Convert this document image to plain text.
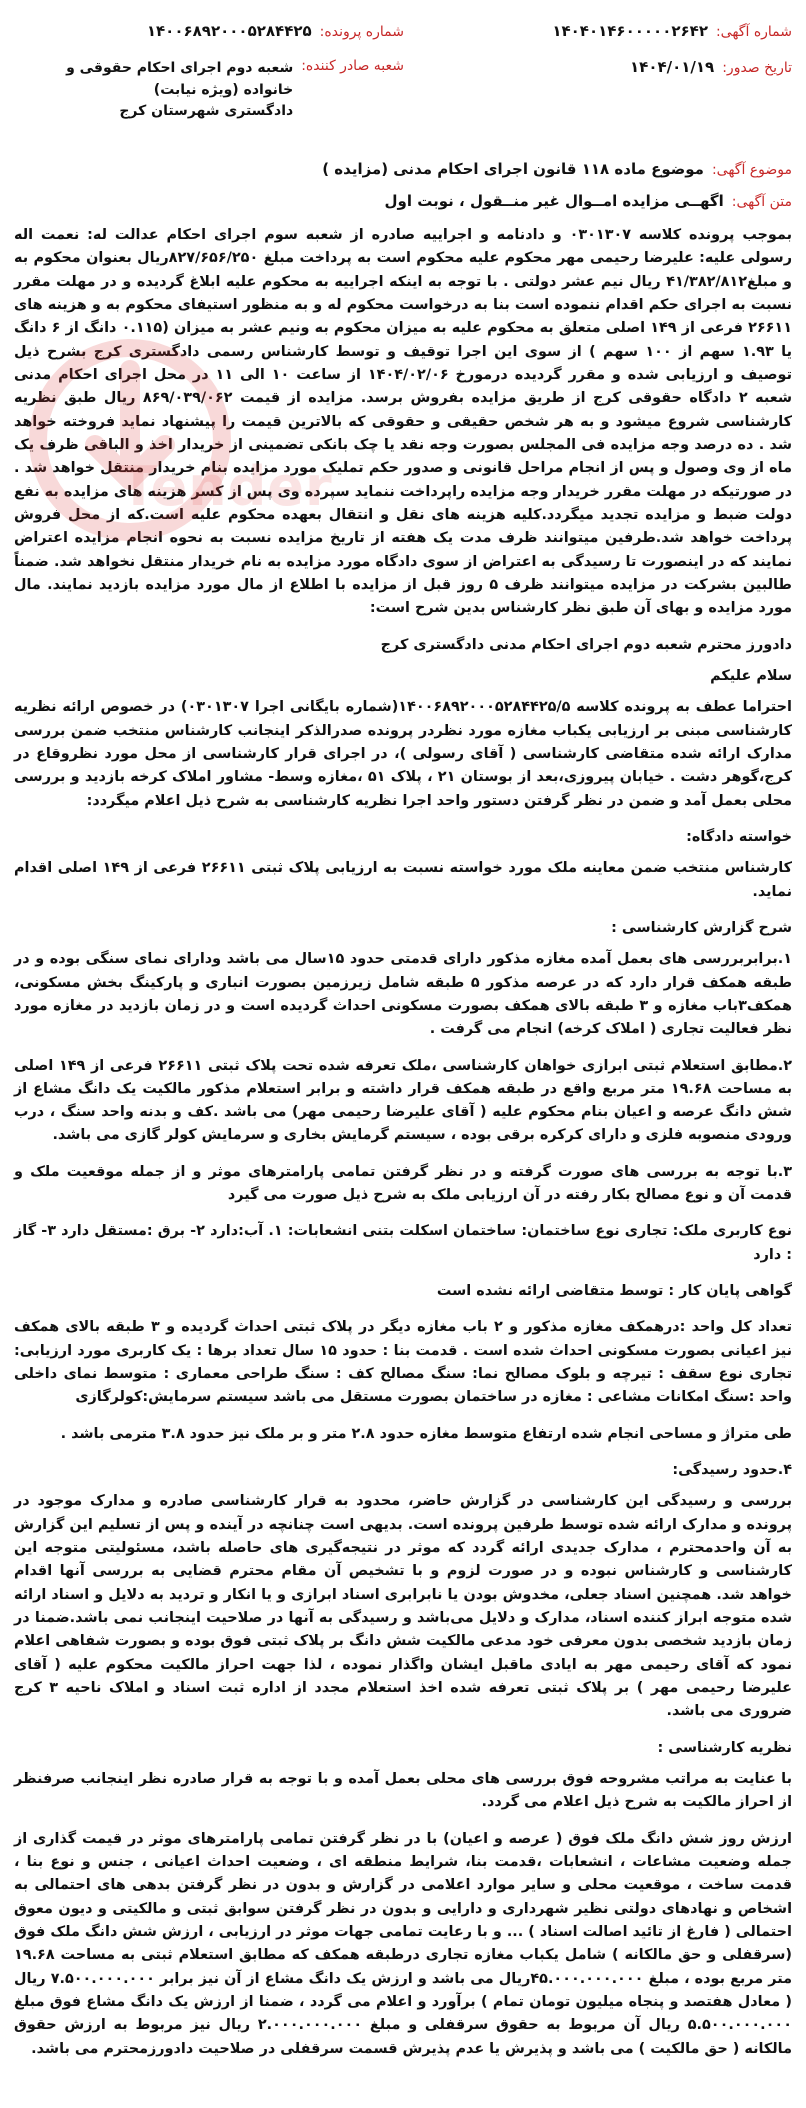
Tender
شماره آگهی:
۱۴۰۴۰۱۴۶۰۰۰۰۰۲۶۴۲
تاریخ صدور:
۱۴۰۴/۰۱/۱۹
شماره پرونده:
۱۴۰۰۶۸۹۲۰۰۰۵۲۸۴۴۲۵
شعبه صادر کننده:
شعبه دوم اجرای احکام حقوقی و خانواده (ویژه نیابت)
دادگستری شهرستان کرج
موضوع آگهی:
موضوع ماده ۱۱۸ قانون اجرای احکام مدنی (مزایده )
متن آگهی:
اگهــی مزایده امــوال غیر منــقول ، نوبت اول

بموجب پرونده کلاسه ۰۳۰۱۳۰۷ و دادنامه و اجراییه صادره از شعبه سوم اجرای احکام عدالت له: نعمت اله رسولی علیه: علیرضا رحیمی مهر محکوم علیه محکوم است به پرداخت مبلغ ۸۲۷/۶۵۶/۲۵۰ریال بعنوان محکوم به و مبلغ۴۱/۳۸۲/۸۱۲ ریال نیم عشر دولتی . با توجه به اینکه اجراییه به محکوم علیه ابلاغ گردیده و در مهلت مقرر نسبت به اجرای حکم اقدام ننموده است بنا به درخواست محکوم له و به منظور استیفای محکوم به و هزینه های ۲۶۶۱۱ فرعی از ۱۴۹ اصلی متعلق به محکوم علیه به میزان محکوم به ونیم عشر به میزان (۰.۱۱۵ دانگ از ۶ دانگ یا ۱.۹۳ سهم از ۱۰۰ سهم ) از سوی این اجرا توقیف و توسط کارشناس رسمی دادگستری کرج بشرح ذیل توصیف و ارزیابی شده و مقرر گردیده درمورخ ۱۴۰۴/۰۲/۰۶ از ساعت ۱۰ الی ۱۱ در محل اجرای احکام مدنی شعبه ۲ دادگاه حقوقی کرج از طریق مزایده بفروش برسد. مزایده از قیمت ۸۶۹/۰۳۹/۰۶۲ ریال طبق نظریه کارشناسی شروع میشود و به هر شخص حقیقی و حقوقی که بالاترین قیمت را پیشنهاد نماید فروخته خواهد شد . ده درصد وجه مزایده فی المجلس بصورت وجه نقد یا چک بانکی تضمینی از خریدار اخذ و الباقی ظرف یک ماه از وی وصول و پس از انجام مراحل قانونی و صدور حکم تملیک مورد مزایده بنام خریدار منتقل خواهد شد . در صورتیکه در مهلت مقرر خریدار وجه مزایده راپرداخت ننماید سپرده وی پس از کسر هزینه های مزایده به نفع دولت ضبط و مزایده تجدید میگردد.کلیه هزینه های نقل و انتقال بعهده محکوم علیه است.که از محل فروش پرداخت خواهد شد.طرفین میتوانند ظرف مدت یک هفته از تاریخ مزایده نسبت به نحوه انجام مزایده اعتراض نمایند که در اینصورت تا رسیدگی به اعتراض از سوی دادگاه مورد مزایده به نام خریدار منتقل نخواهد شد. ضمناً طالبین بشرکت در مزایده میتوانند ظرف ۵ روز قبل از مزایده با اطلاع از مال مورد مزایده بازدید نمایند. مال مورد مزایده و بهای آن طبق نظر کارشناس بدین شرح است:

دادورز محترم شعبه دوم اجرای احکام مدنی دادگستری کرج

سلام علیکم

احتراما عطف به پرونده کلاسه ۱۴۰۰۶۸۹۲۰۰۰۵۲۸۴۴۲۵/۵(شماره بایگانی اجرا ۰۳۰۱۳۰۷) در خصوص ارائه نظریه کارشناسی مبنی بر ارزیابی یکباب مغازه مورد نظردر پرونده صدرالذکر اینجانب کارشناس منتخب ضمن بررسی مدارک ارائه شده متقاضی کارشناسی ( آقای رسولی )، در اجرای قرار کارشناسی از محل مورد نظروقاع در کرج،گوهر دشت . خیابان پیروزی،بعد از بوستان ۲۱ ، پلاک ۵۱ ،مغازه وسط- مشاور املاک کرخه بازدید و بررسی محلی بعمل آمد و ضمن در نظر گرفتن دستور واحد اجرا نظریه کارشناسی به شرح ذیل اعلام میگردد:

خواسته دادگاه:

کارشناس منتخب ضمن معاینه ملک مورد خواسته نسبت به ارزیابی پلاک ثبتی ۲۶۶۱۱ فرعی از ۱۴۹ اصلی اقدام نماید.

شرح گزارش کارشناسی :

۱.برابربررسی های بعمل آمده مغازه مذکور دارای قدمتی حدود ۱۵سال می باشد ودارای نمای سنگی بوده و در طبقه همکف قرار دارد که در عرصه مذکور ۵ طبقه شامل زیرزمین بصورت انباری و پارکینگ بخش مسکونی، همکف۳باب مغازه و ۳ طبقه بالای همکف بصورت مسکونی احداث گردیده است و در زمان بازدید در مغازه مورد نظر فعالیت تجاری ( املاک کرخه) انجام می گرفت .

۲.مطابق استعلام ثبتی ابرازی خواهان کارشناسی ،ملک تعرفه شده تحت پلاک ثبتی ۲۶۶۱۱ فرعی از ۱۴۹ اصلی به مساحت ۱۹.۶۸ متر مربع واقع در طبقه همکف قرار داشته و برابر استعلام مذکور مالکیت یک دانگ مشاع از شش دانگ عرصه و اعیان بنام محکوم علیه ( آقای علیرضا رحیمی مهر) می باشد .کف و بدنه واحد سنگ ، درب ورودی منصوبه فلزی و دارای کرکره برقی بوده ، سیستم گرمایش بخاری و سرمایش کولر گازی می باشد.

۳.با توجه به بررسی های صورت گرفته و در نظر گرفتن تمامی پارامترهای موثر و از جمله موقعیت ملک و قدمت آن و نوع مصالح بکار رفته در آن ارزیابی ملک به شرح ذیل صورت می گیرد

نوع کاربری ملک: تجاری نوع ساختمان: ساختمان اسکلت بتنی انشعابات: ۱. آب:دارد ۲- برق :مستقل دارد ۳- گاز : دارد

گواهی پایان کار : توسط متقاضی ارائه نشده است

تعداد کل واحد :درهمکف مغازه مذکور و ۲ باب مغازه دیگر در پلاک ثبتی احداث گردیده و ۳ طبقه بالای همکف نیز اعیانی بصورت مسکونی احداث شده است . قدمت بنا : حدود ۱۵ سال تعداد برها : یک کاربری مورد ارزیابی: تجاری نوع سقف : تیرچه و بلوک مصالح نما: سنگ مصالح کف : سنگ طراحی معماری : متوسط نمای داخلی واحد :سنگ امکانات مشاعی : مغازه در ساختمان بصورت مستقل می باشد سیستم سرمایش:کولرگازی

طی متراژ و مساحی انجام شده ارتفاع متوسط مغازه حدود ۲.۸ متر و بر ملک نیز حدود ۳.۸ مترمی باشد .

۴.حدود رسیدگی:

بررسی و رسیدگی این کارشناسی در گزارش حاضر، محدود به قرار کارشناسی صادره و مدارک موجود در پرونده و مدارک ارائه شده توسط طرفین پرونده است. بدیهی است چنانچه در آینده و پس از تسلیم این گزارش به آن واحدمحترم ، مدارک جدیدی ارائه گردد که موثر در نتیجه‌گیری های حاصله باشد، مسئولیتی متوجه این کارشناسی و کارشناس نبوده و در صورت لزوم و با تشخیص آن مقام محترم قضایی به بررسی آنها اقدام خواهد شد. همچنین اسناد جعلی، مخدوش بودن یا نابرابری اسناد ابرازی و یا انکار و تردید به دلایل و اسناد ارائه شده متوجه ابراز کننده اسناد، مدارک و دلایل می‌باشد و رسیدگی به آنها در صلاحیت اینجانب نمی باشد.ضمنا در زمان بازدید شخصی بدون معرفی خود مدعی مالکیت شش دانگ بر پلاک ثبتی فوق بوده و بصورت شفاهی اعلام نمود که آقای رحیمی مهر به ایادی ماقبل ایشان واگذار نموده ، لذا جهت احراز مالکیت محکوم علیه ( آقای علیرضا رحیمی مهر ) بر پلاک ثبتی تعرفه شده اخذ استعلام مجدد از اداره ثبت اسناد و املاک ناحیه ۳ کرج ضروری می باشد.

نظریه کارشناسی :

با عنایت به مراتب مشروحه فوق بررسی های محلی بعمل آمده و با توجه به قرار صادره نظر اینجانب صرفنظر از احراز مالکیت به شرح ذیل اعلام می گردد.

ارزش روز شش دانگ ملک فوق ( عرصه و اعیان) با در نظر گرفتن تمامی پارامترهای موثر در قیمت گذاری از جمله وضعیت مشاعات ، انشعابات ،قدمت بنا، شرایط منطقه ای ، وضعیت احداث اعیانی ، جنس و نوع بنا ، قدمت ساخت ، موقعیت محلی و سایر موارد اعلامی در گزارش و بدون در نظر گرفتن بدهی های احتمالی به اشخاص و نهادهای دولتی نظیر شهرداری و دارایی و بدون در نظر گرفتن سوابق ثبتی و مالکیتی و دیون معوق احتمالی ( فارغ از تائید اصالت اسناد ) ... و با رعایت تمامی جهات موثر در ارزیابی ، ارزش شش دانگ ملک فوق (سرقفلی و حق مالکانه ) شامل یکباب مغازه تجاری درطبقه همکف که مطابق استعلام ثبتی به مساحت ۱۹.۶۸ متر مربع بوده ، مبلغ ۴۵.۰۰۰.۰۰۰.۰۰۰ریال می باشد و ارزش یک دانگ مشاع از آن نیز برابر ۷.۵۰۰.۰۰۰.۰۰۰ ریال ( معادل هفتصد و پنجاه میلیون تومان تمام ) برآورد و اعلام می گردد ، ضمنا از ارزش یک دانگ مشاع فوق مبلغ ۵.۵۰۰.۰۰۰.۰۰۰ ریال آن مربوط به حقوق سرقفلی و مبلغ ۲.۰۰۰.۰۰۰.۰۰۰ ریال نیز مربوط به ارزش حقوق مالکانه ( حق مالکیت ) می باشد و پذیرش یا عدم پذیرش قسمت سرقفلی در صلاحیت دادورزمحترم می باشد.
